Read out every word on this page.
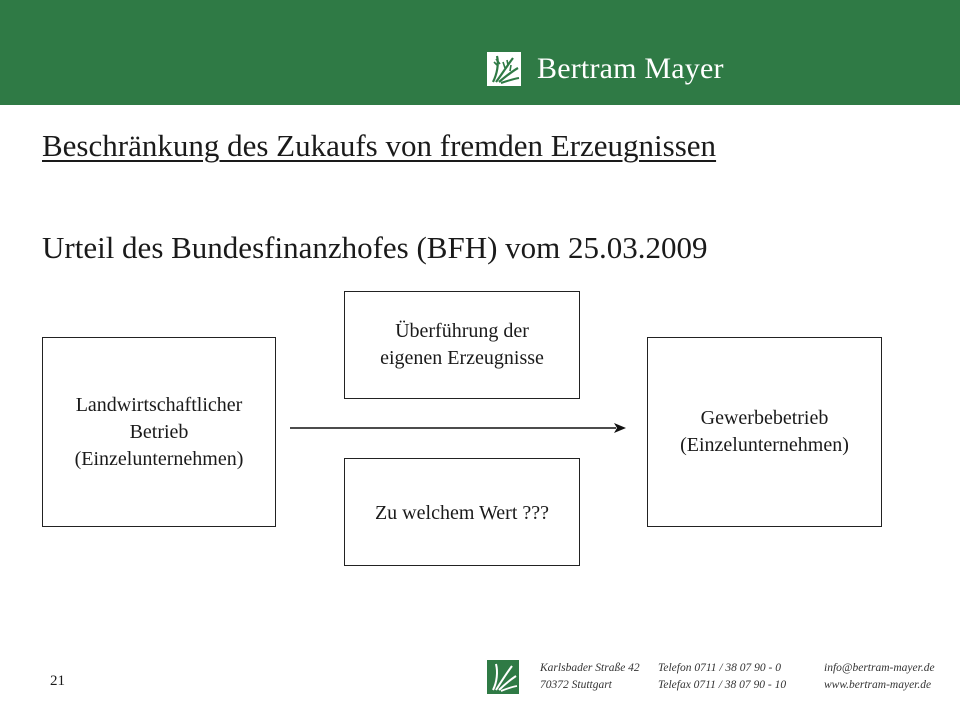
Bertram Mayer
Beschränkung des Zukaufs von fremden Erzeugnissen
Urteil des Bundesfinanzhofes (BFH) vom 25.03.2009
Landwirtschaftlicher
Betrieb
(Einzelunternehmen)
Überführung der
eigenen Erzeugnisse
Zu welchem Wert ???
Gewerbebetrieb
(Einzelunternehmen)
21
Karlsbader Straße 42
70372 Stuttgart
Telefon 0711 / 38 07 90 - 0
Telefax 0711 / 38 07 90 - 10
info@bertram-mayer.de
www.bertram-mayer.de
